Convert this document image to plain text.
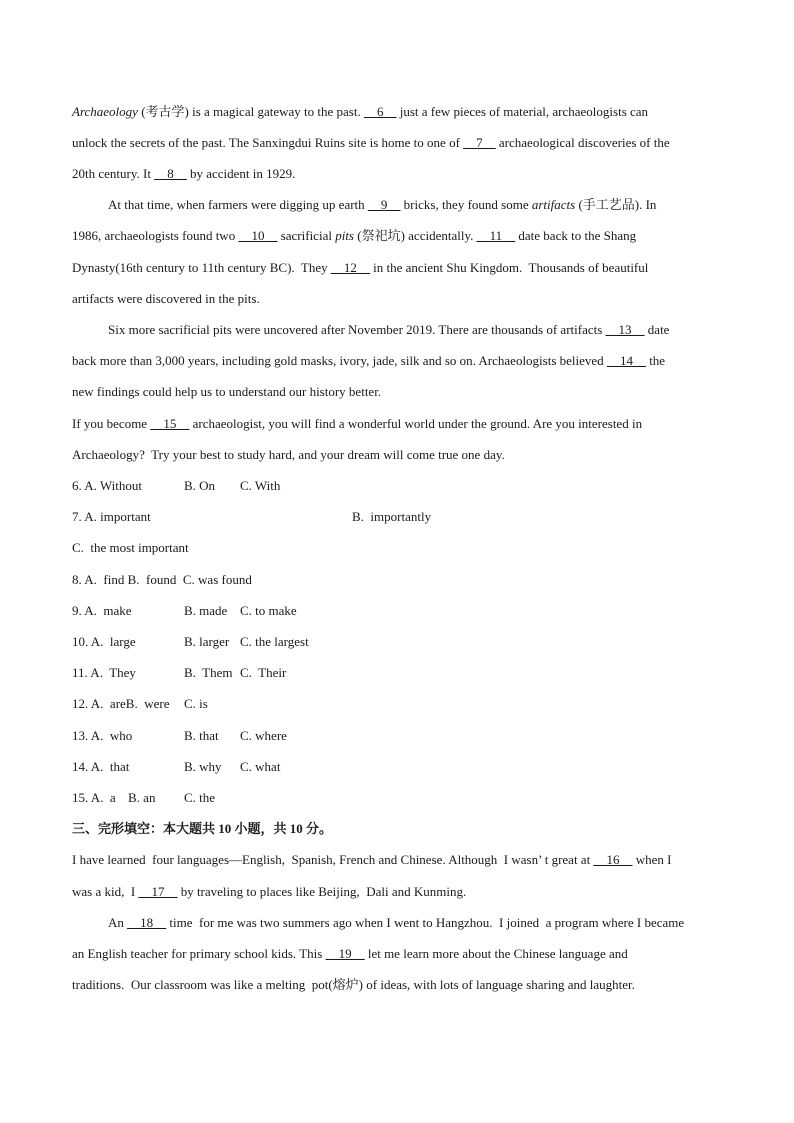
Archaeology (考古学) is a magical gateway to the past. __6__ just a few pieces of material, archaeologists can
unlock the secrets of the past. The Sanxingdui Ruins site is home to one of __7__ archaeological discoveries of the
20th century. It __8__ by accident in 1929.
At that time, when farmers were digging up earth __9__ bricks, they found some artifacts (手工艺品). In
1986, archaeologists found two __10__ sacrificial pits (祭祀坑) accidentally. __11__ date back to the Shang
Dynasty(16th century to 11th century BC).  They __12__ in the ancient Shu Kingdom.  Thousands of beautiful
artifacts were discovered in the pits.
Six more sacrificial pits were uncovered after November 2019. There are thousands of artifacts __13__ date
back more than 3,000 years, including gold masks, ivory, jade, silk and so on. Archaeologists believed __14__ the
new findings could help us to understand our history better.
If you become __15__ archaeologist, you will find a wonderful world under the ground. Are you interested in
Archaeology?  Try your best to study hard, and your dream will come true one day.
6. A. Without	B. On C. With
7. A. important	B.  importantly
C.  the most important
8. A.  find B.  found  C. was found
9. A.  make	B. made C. to make
10. A.  large	B. larger C. the largest
11. A.  They	B.  Them C.  Their
12. A.  areB.  were C. is
13. A.  who	B. that C. where
14. A.  that	B. why C. what
15. A.  a B. an C. the
三、完形填空：本大题共 10 小题，共 10 分。
I have learned  four languages—English,  Spanish, French and Chinese. Although  I wasn’ t great at __16__ when I
was a kid,  I __17__ by traveling to places like Beijing,  Dali and Kunming.
An __18__ time  for me was two summers ago when I went to Hangzhou.  I joined  a program where I became
an English teacher for primary school kids. This __19__ let me learn more about the Chinese language and
traditions.  Our classroom was like a melting  pot(熔炉) of ideas, with lots of language sharing and laughter.
